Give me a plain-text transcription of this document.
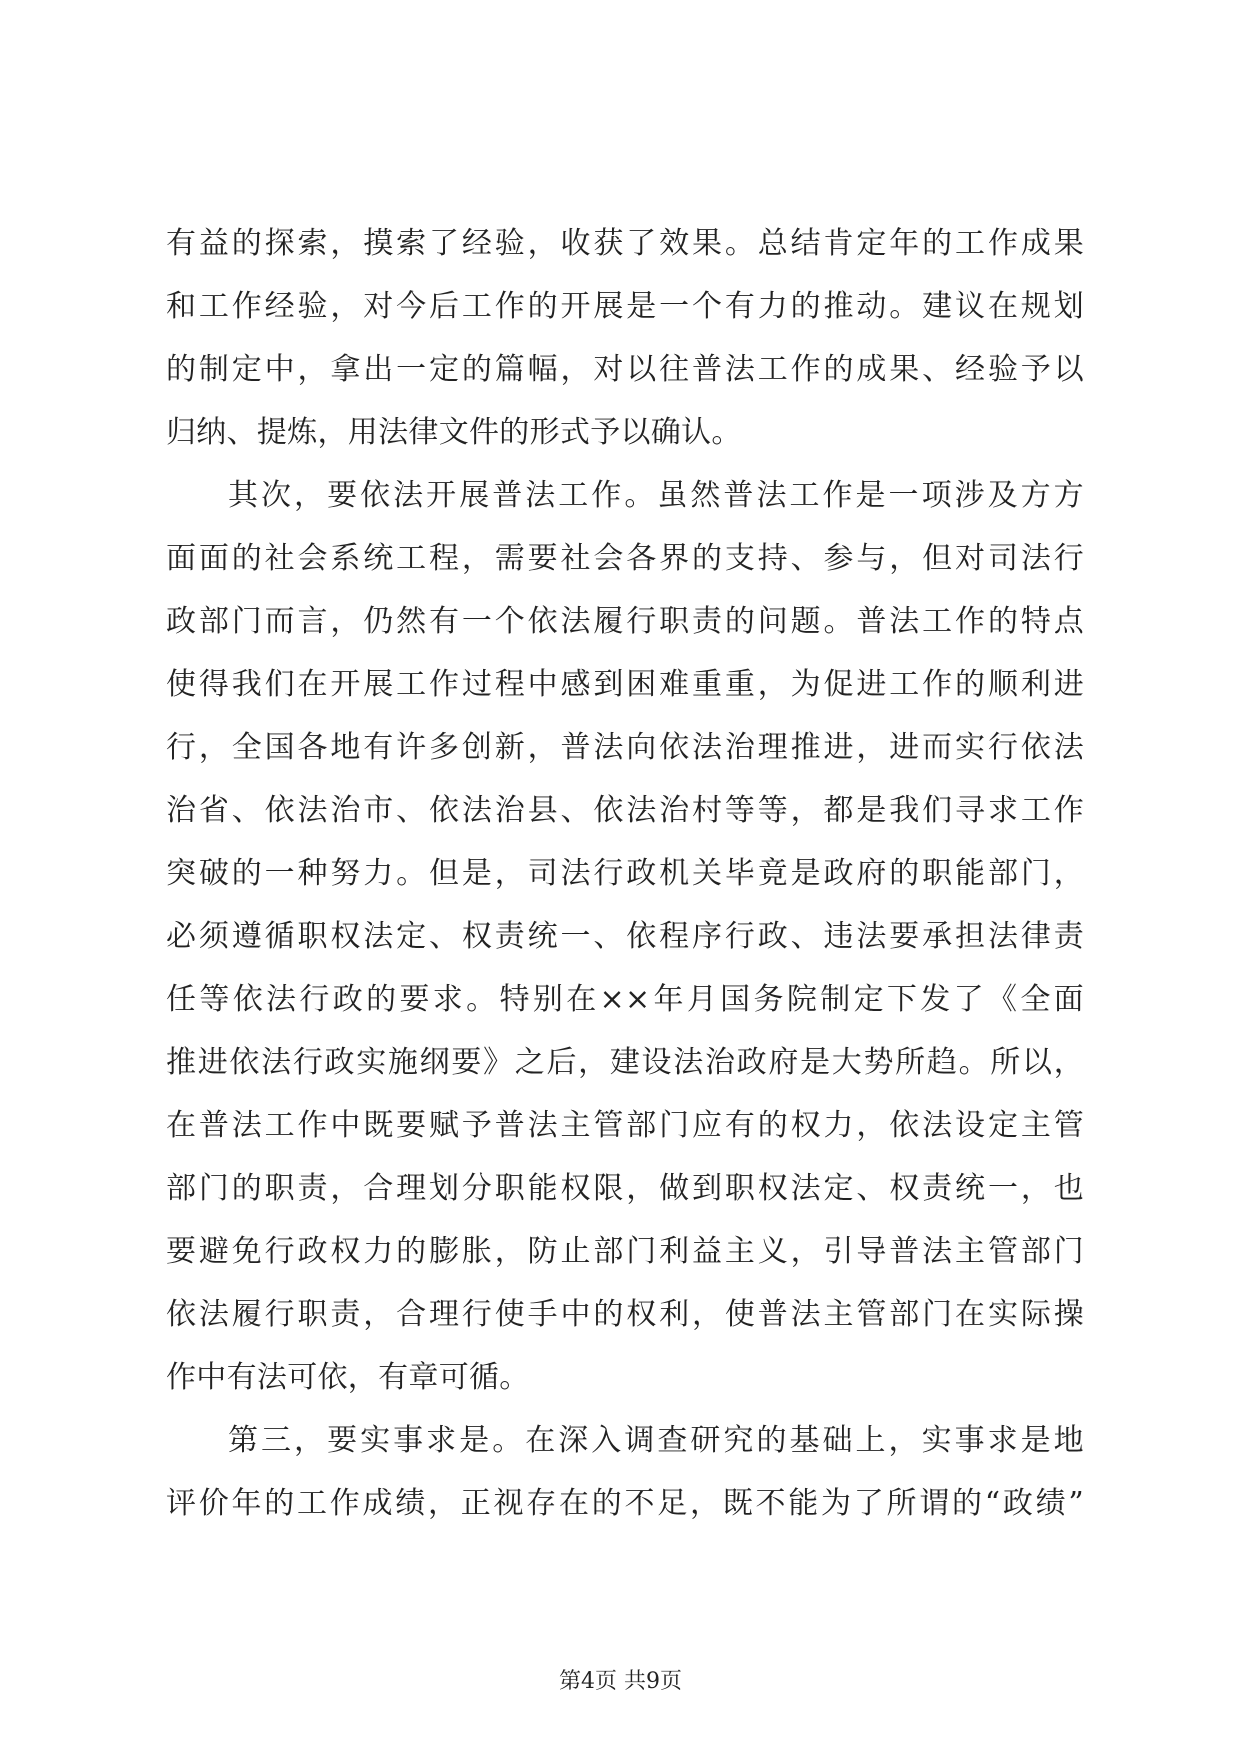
有益的探索，摸索了经验，收获了效果。总结肯定年的工作成果
和工作经验，对今后工作的开展是一个有力的推动。建议在规划
的制定中，拿出一定的篇幅，对以往普法工作的成果、经验予以
归纳、提炼，用法律文件的形式予以确认。
其次，要依法开展普法工作。虽然普法工作是一项涉及方方
面面的社会系统工程，需要社会各界的支持、参与，但对司法行
政部门而言，仍然有一个依法履行职责的问题。普法工作的特点
使得我们在开展工作过程中感到困难重重，为促进工作的顺利进
行，全国各地有许多创新，普法向依法治理推进，进而实行依法
治省、依法治市、依法治县、依法治村等等，都是我们寻求工作
突破的一种努力。但是，司法行政机关毕竟是政府的职能部门，
必须遵循职权法定、权责统一、依程序行政、违法要承担法律责
任等依法行政的要求。特别在××年月国务院制定下发了《全面
推进依法行政实施纲要》之后，建设法治政府是大势所趋。所以，
在普法工作中既要赋予普法主管部门应有的权力，依法设定主管
部门的职责，合理划分职能权限，做到职权法定、权责统一，也
要避免行政权力的膨胀，防止部门利益主义，引导普法主管部门
依法履行职责，合理行使手中的权利，使普法主管部门在实际操
作中有法可依，有章可循。
第三，要实事求是。在深入调查研究的基础上，实事求是地
评价年的工作成绩，正视存在的不足，既不能为了所谓的“政绩”
第4页 共9页
